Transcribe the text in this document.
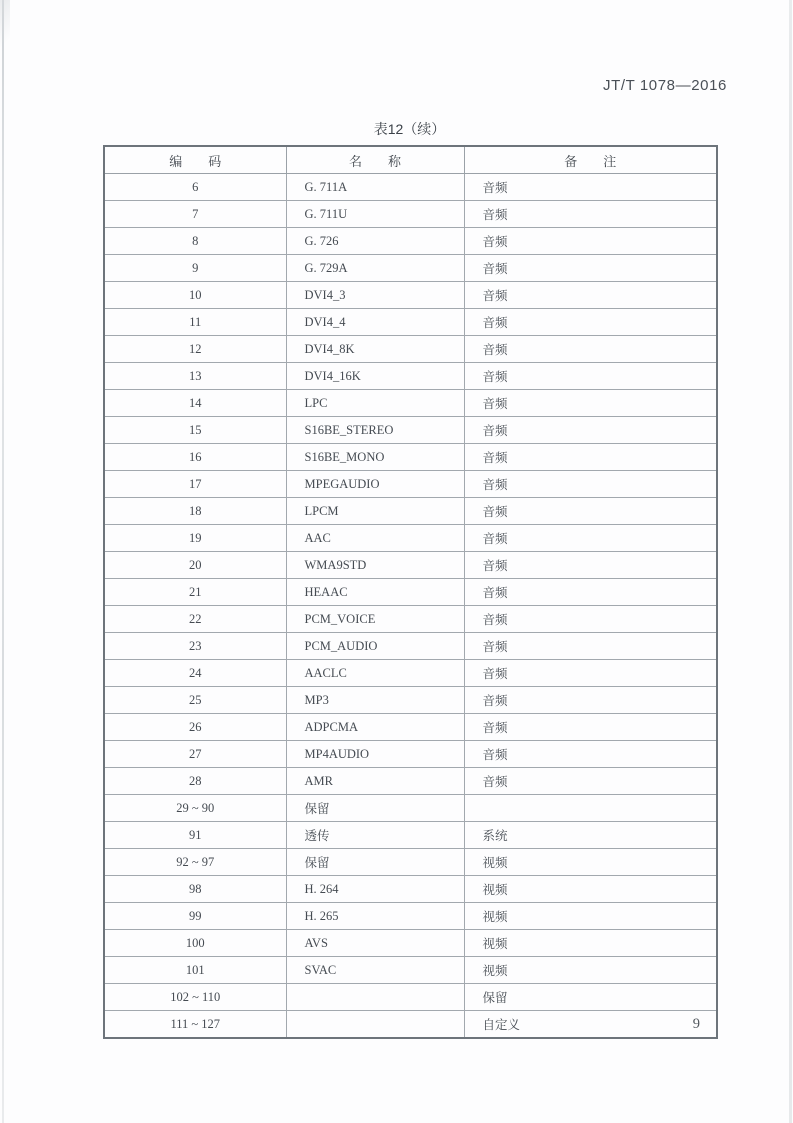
JT/T 1078—2016
表12（续）
编　　码	名　　称	备　　注
6	G. 711A	音频
7	G. 711U	音频
8	G. 726	音频
9	G. 729A	音频
10	DVI4_3	音频
11	DVI4_4	音频
12	DVI4_8K	音频
13	DVI4_16K	音频
14	LPC	音频
15	S16BE_STEREO	音频
16	S16BE_MONO	音频
17	MPEGAUDIO	音频
18	LPCM	音频
19	AAC	音频
20	WMA9STD	音频
21	HEAAC	音频
22	PCM_VOICE	音频
23	PCM_AUDIO	音频
24	AACLC	音频
25	MP3	音频
26	ADPCMA	音频
27	MP4AUDIO	音频
28	AMR	音频
29 ~ 90	保留	
91	透传	系统
92 ~ 97	保留	视频
98	H. 264	视频
99	H. 265	视频
100	AVS	视频
101	SVAC	视频
102 ~ 110		保留
111 ~ 127		自定义	9
